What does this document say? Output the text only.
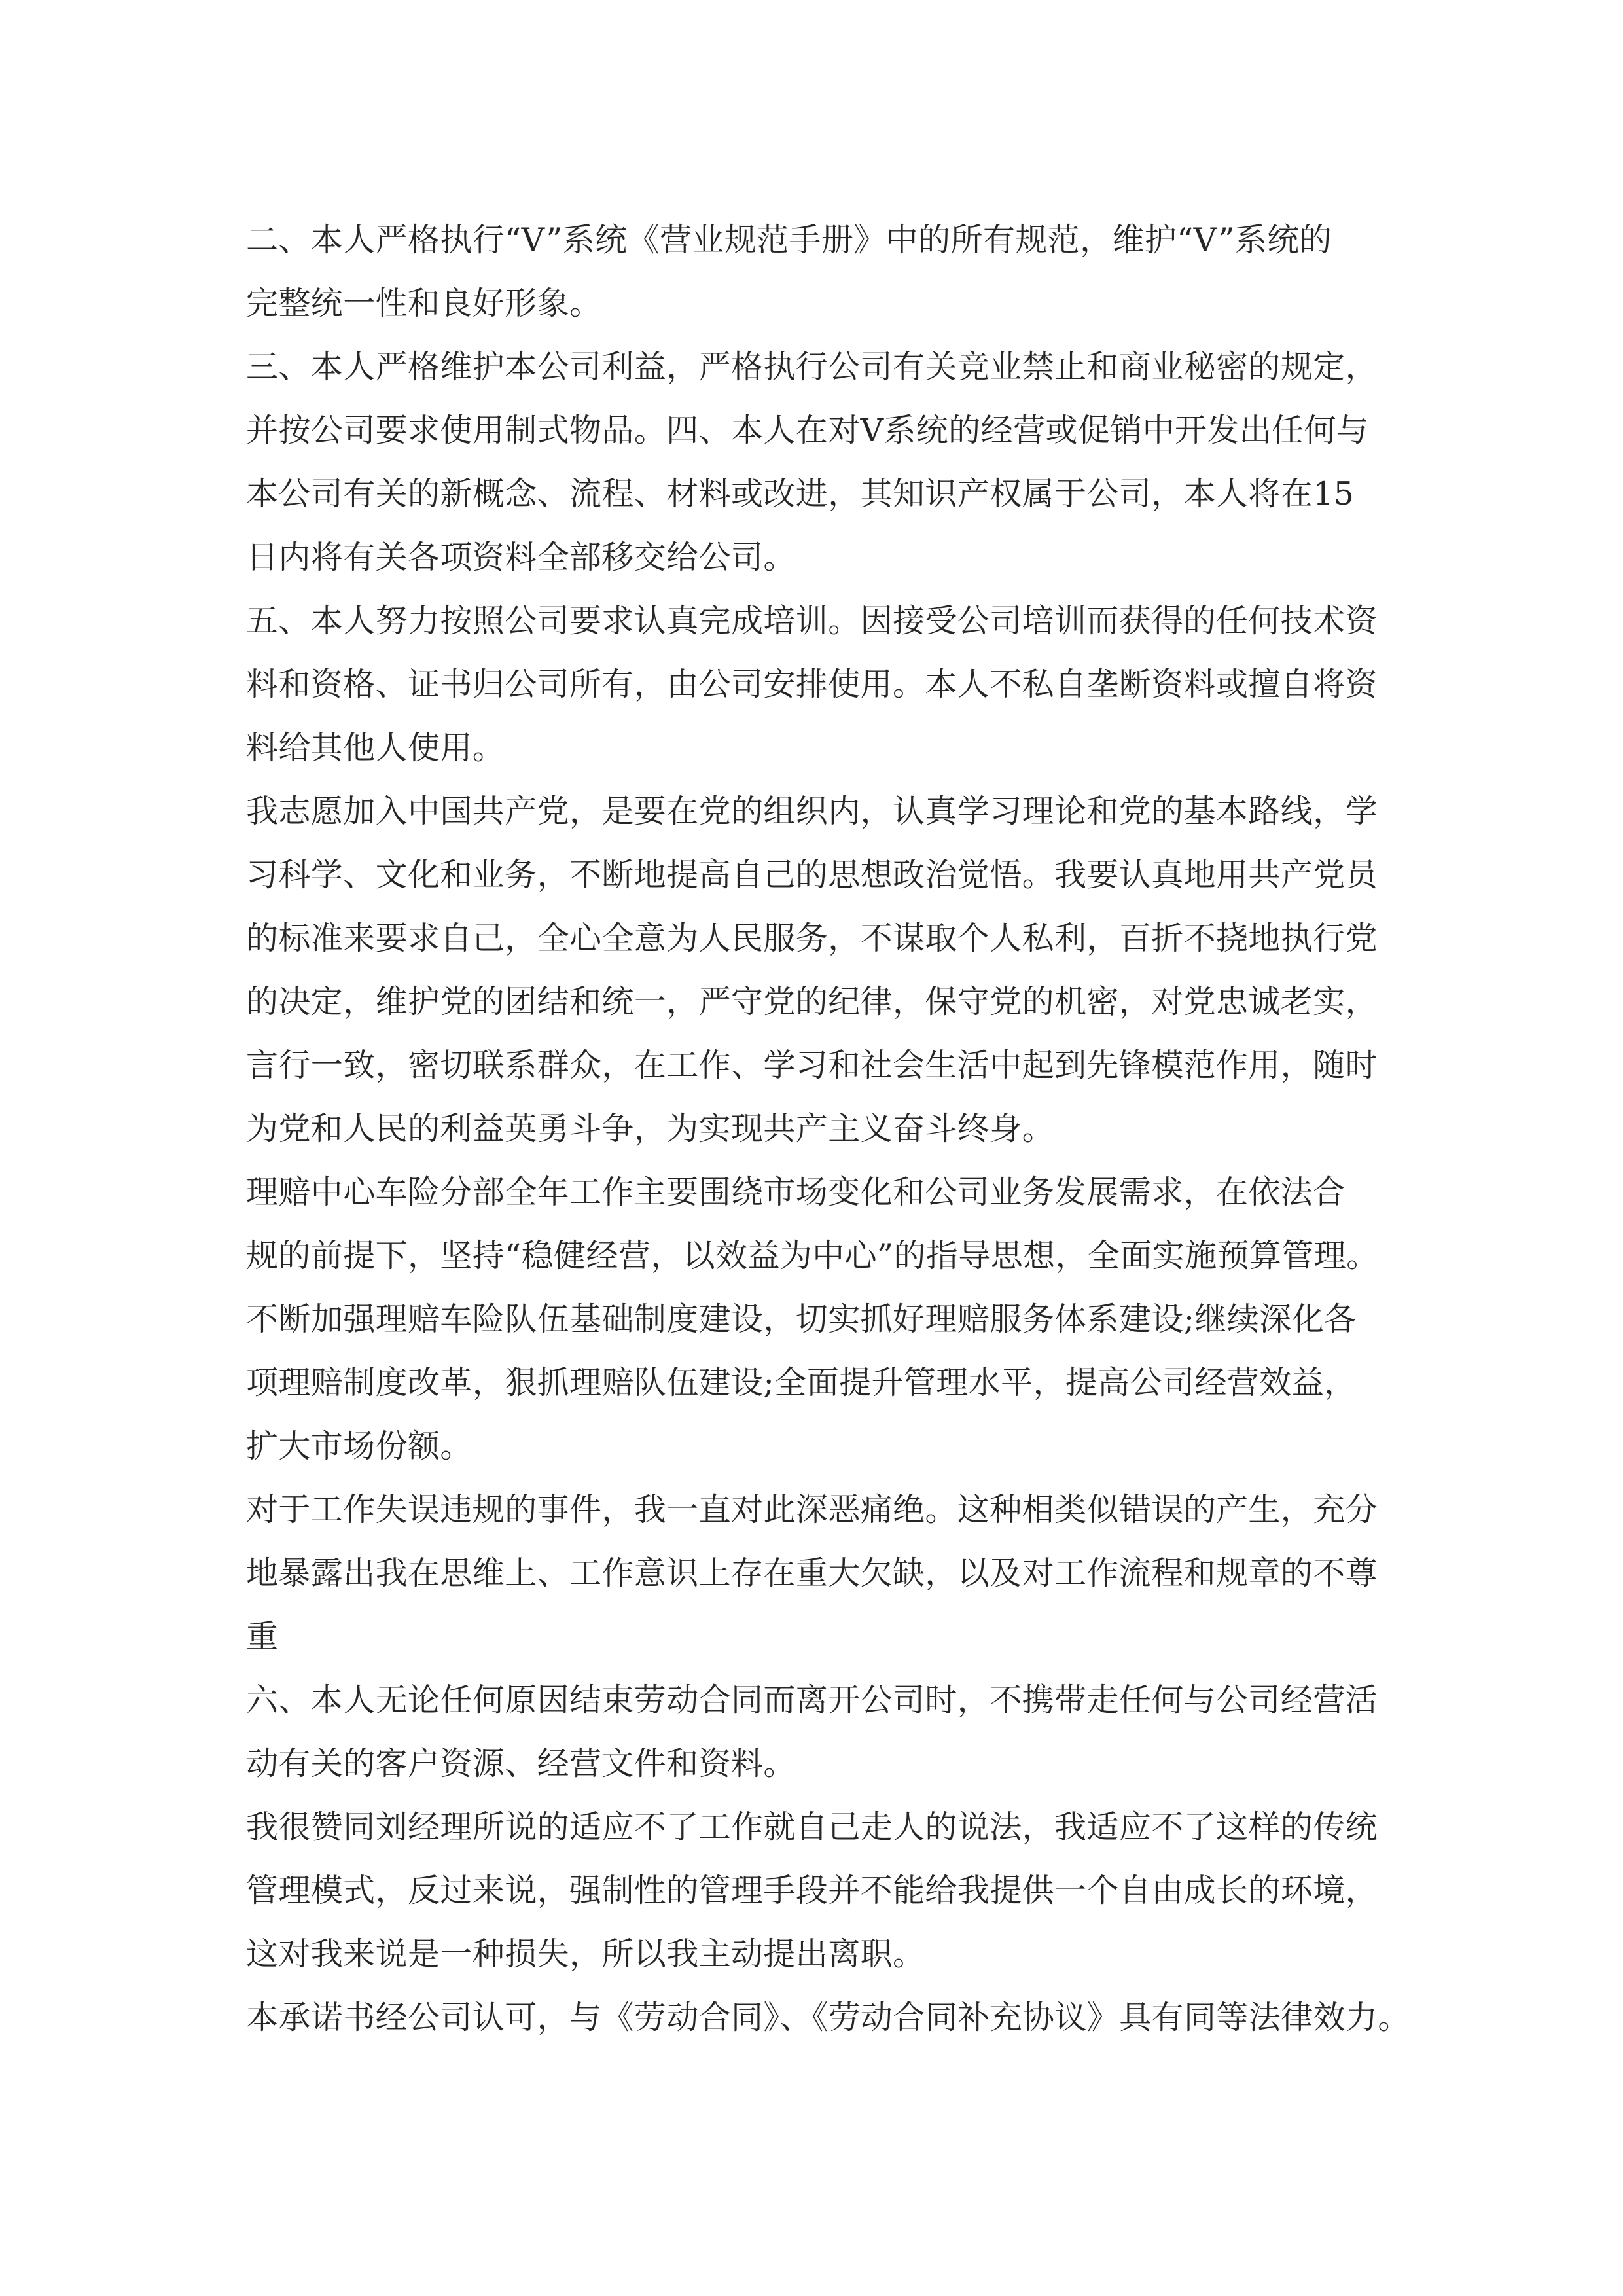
二、本人严格执行“V”系统《营业规范手册》中的所有规范，维护“V”系统的

完整统一性和良好形象。

三、本人严格维护本公司利益，严格执行公司有关竞业禁止和商业秘密的规定，

并按公司要求使用制式物品。四、本人在对V系统的经营或促销中开发出任何与

本公司有关的新概念、流程、材料或改进，其知识产权属于公司，本人将在15

日内将有关各项资料全部移交给公司。

五、本人努力按照公司要求认真完成培训。因接受公司培训而获得的任何技术资

料和资格、证书归公司所有，由公司安排使用。本人不私自垄断资料或擅自将资

料给其他人使用。

我志愿加入中国共产党，是要在党的组织内，认真学习理论和党的基本路线，学

习科学、文化和业务，不断地提高自己的思想政治觉悟。我要认真地用共产党员

的标准来要求自己，全心全意为人民服务，不谋取个人私利，百折不挠地执行党

的决定，维护党的团结和统一，严守党的纪律，保守党的机密，对党忠诚老实，

言行一致，密切联系群众，在工作、学习和社会生活中起到先锋模范作用，随时

为党和人民的利益英勇斗争，为实现共产主义奋斗终身。

理赔中心车险分部全年工作主要围绕市场变化和公司业务发展需求，在依法合

规的前提下，坚持“稳健经营，以效益为中心”的指导思想，全面实施预算管理。

不断加强理赔车险队伍基础制度建设，切实抓好理赔服务体系建设;继续深化各

项理赔制度改革，狠抓理赔队伍建设;全面提升管理水平，提高公司经营效益，

扩大市场份额。

对于工作失误违规的事件，我一直对此深恶痛绝。这种相类似错误的产生，充分

地暴露出我在思维上、工作意识上存在重大欠缺，以及对工作流程和规章的不尊

重

六、本人无论任何原因结束劳动合同而离开公司时，不携带走任何与公司经营活

动有关的客户资源、经营文件和资料。

我很赞同刘经理所说的适应不了工作就自己走人的说法，我适应不了这样的传统

管理模式，反过来说，强制性的管理手段并不能给我提供一个自由成长的环境，

这对我来说是一种损失，所以我主动提出离职。

本承诺书经公司认可，与《劳动合同》、《劳动合同补充协议》具有同等法律效力。
